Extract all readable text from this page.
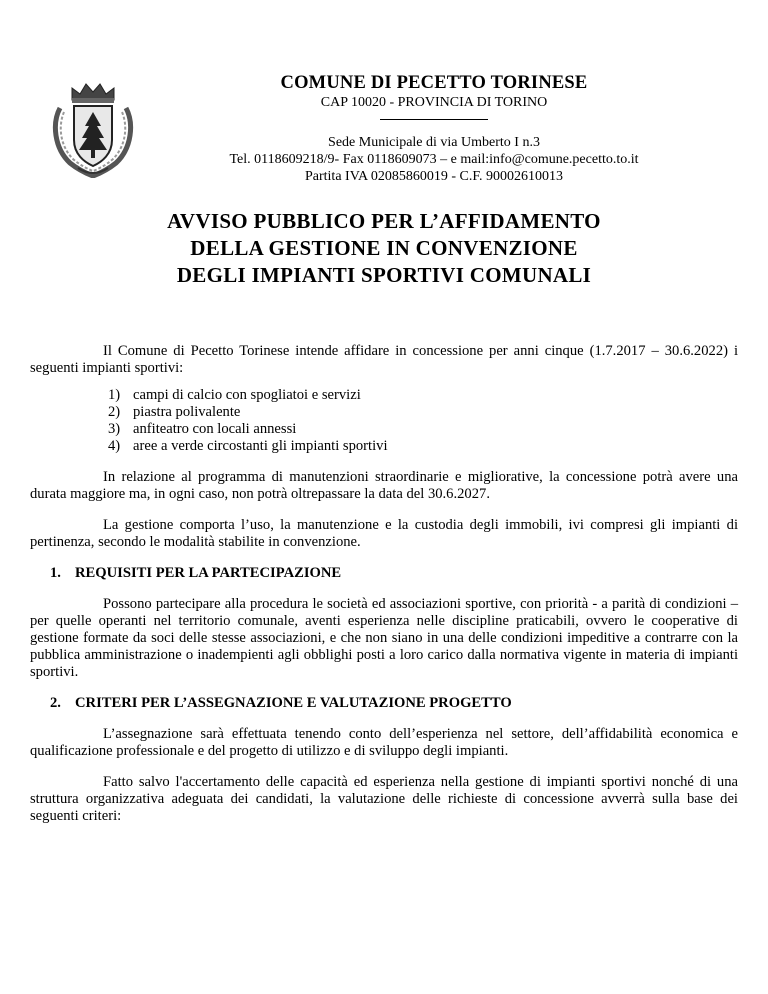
COMUNE DI PECETTO TORINESE
CAP 10020 - PROVINCIA DI TORINO
Sede Municipale di via Umberto I n.3
Tel. 0118609218/9- Fax 0118609073 – e mail:info@comune.pecetto.to.it
Partita IVA 02085860019 - C.F. 90002610013
AVVISO PUBBLICO PER L’AFFIDAMENTO
DELLA GESTIONE IN CONVENZIONE
DEGLI IMPIANTI SPORTIVI COMUNALI

Il Comune di Pecetto Torinese intende affidare in concessione per anni cinque (1.7.2017 – 30.6.2022) i seguenti impianti sportivi:

1) campi di calcio con spogliatoi e servizi
2) piastra polivalente
3) anfiteatro con locali annessi
4) aree a verde circostanti gli impianti sportivi

In relazione al programma di manutenzioni straordinarie e migliorative, la concessione potrà avere una durata maggiore ma, in ogni caso, non potrà oltrepassare la data del 30.6.2027.

La gestione comporta l’uso, la manutenzione e la custodia degli immobili, ivi compresi gli impianti di pertinenza, secondo le modalità stabilite in convenzione.

1. REQUISITI PER LA PARTECIPAZIONE

Possono partecipare alla procedura le società ed associazioni sportive, con priorità - a parità di condizioni – per quelle operanti nel territorio comunale, aventi esperienza nelle discipline praticabili, ovvero le cooperative di gestione formate da soci delle stesse associazioni, e che non siano in una delle condizioni impeditive a contrarre con la pubblica amministrazione o inadempienti agli obblighi posti a loro carico dalla normativa vigente in materia di impianti sportivi.

2. CRITERI PER L’ASSEGNAZIONE E VALUTAZIONE PROGETTO

L’assegnazione sarà effettuata tenendo conto dell’esperienza nel settore, dell’affidabilità economica e qualificazione professionale e del progetto di utilizzo e di sviluppo degli impianti.

Fatto salvo l'accertamento delle capacità ed esperienza nella gestione di impianti sportivi nonché di una struttura organizzativa adeguata dei candidati, la valutazione delle richieste di concessione avverrà sulla base dei seguenti criteri:
